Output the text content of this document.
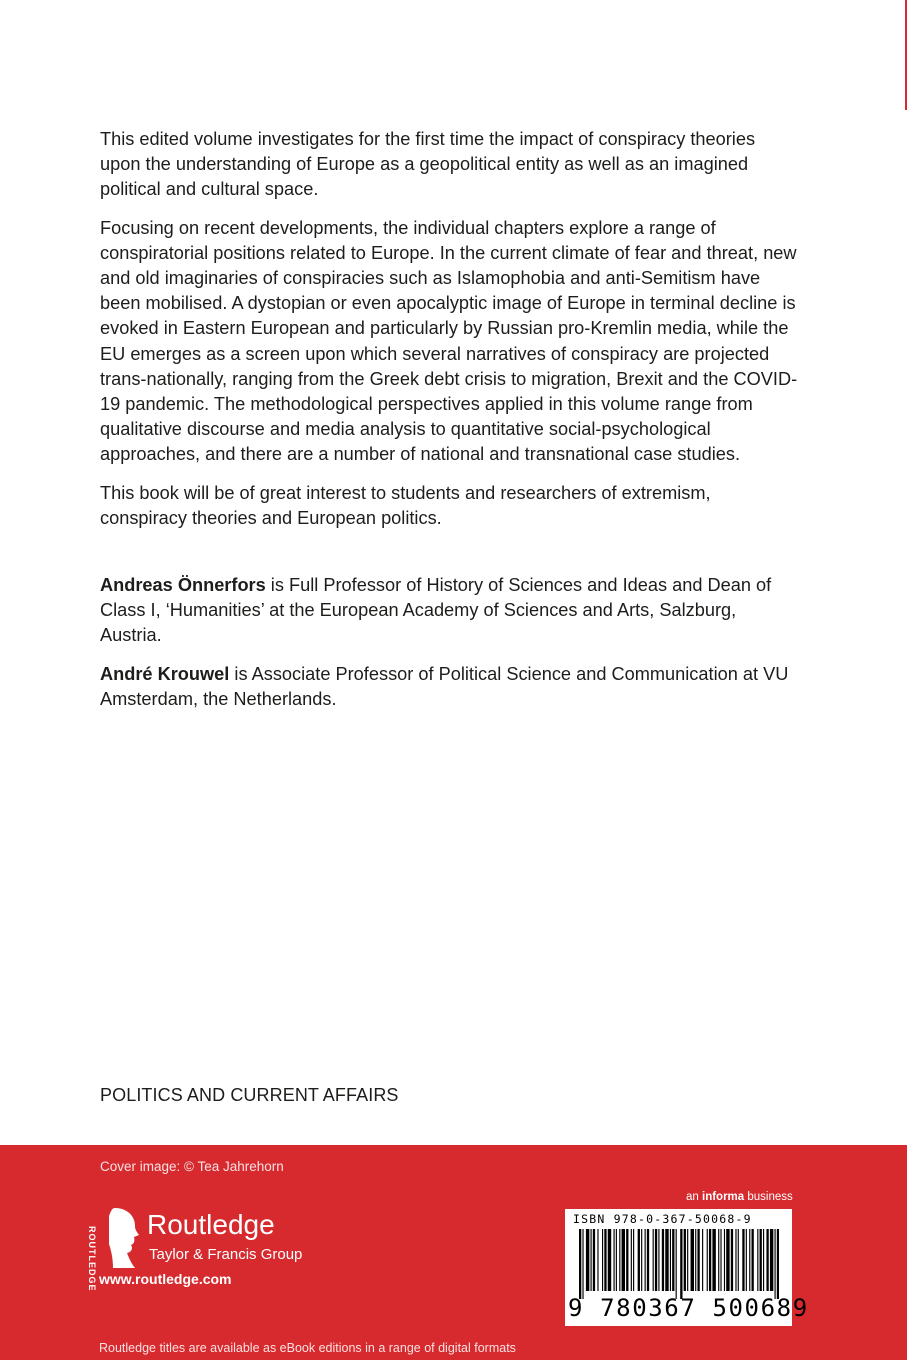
This edited volume investigates for the first time the impact of conspiracy theories upon the understanding of Europe as a geopolitical entity as well as an imagined political and cultural space.

Focusing on recent developments, the individual chapters explore a range of conspiratorial positions related to Europe. In the current climate of fear and threat, new and old imaginaries of conspiracies such as Islamophobia and anti-Semitism have been mobilised. A dystopian or even apocalyptic image of Europe in terminal decline is evoked in Eastern European and particularly by Russian pro-Kremlin media, while the EU emerges as a screen upon which several narratives of conspiracy are projected trans-nationally, ranging from the Greek debt crisis to migration, Brexit and the COVID-19 pandemic. The methodological perspectives applied in this volume range from qualitative discourse and media analysis to quantitative social-psychological approaches, and there are a number of national and transnational case studies.

This book will be of great interest to students and researchers of extremism, conspiracy theories and European politics.

Andreas Önnerfors is Full Professor of History of Sciences and Ideas and Dean of Class I, ‘Humanities’ at the European Academy of Sciences and Arts, Salzburg, Austria.

André Krouwel is Associate Professor of Political Science and Communication at VU Amsterdam, the Netherlands.

POLITICS AND CURRENT AFFAIRS
Cover image: © Tea Jahrehorn
ROUTLEDGE
Routledge
Taylor & Francis Group
www.routledge.com
an informa business
ISBN 978-0-367-50068-9
9 780367 500689
Routledge titles are available as eBook editions in a range of digital formats
